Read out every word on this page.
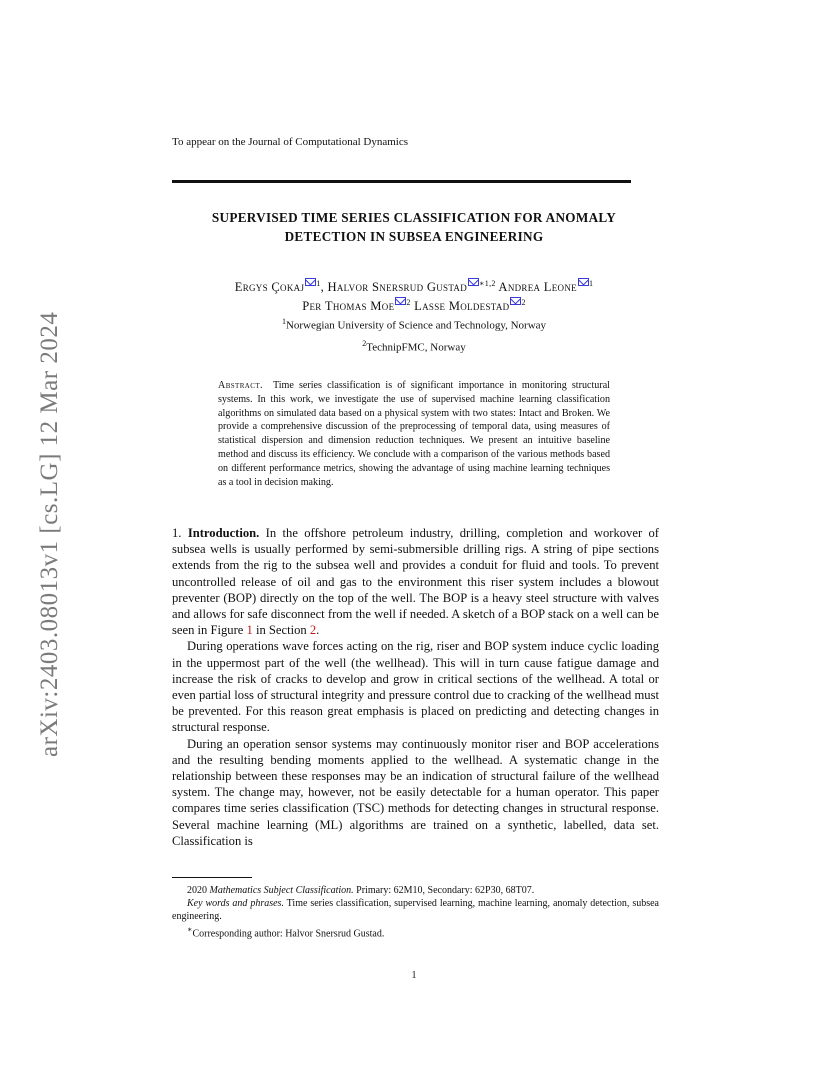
arXiv:2403.08013v1 [cs.LG] 12 Mar 2024
To appear on the Journal of Computational Dynamics
SUPERVISED TIME SERIES CLASSIFICATION FOR ANOMALY
DETECTION IN SUBSEA ENGINEERING
Ergys Çokaj $^1$, Halvor Snersrud Gustad $^{∗1,2}$ Andrea Leone $^1$
Per Thomas Moe $^2$ Lasse Moldestad $^2$
$^1$Norwegian University of Science and Technology, Norway
$^2$TechnipFMC, Norway
Abstract. Time series classification is of significant importance in monitoring structural systems. In this work, we investigate the use of supervised machine learning classification algorithms on simulated data based on a physical system with two states: Intact and Broken. We provide a comprehensive discussion of the preprocessing of temporal data, using measures of statistical dispersion and dimension reduction techniques. We present an intuitive baseline method and discuss its efficiency. We conclude with a comparison of the various methods based on different performance metrics, showing the advantage of using machine learning techniques as a tool in decision making.

1. Introduction. In the offshore petroleum industry, drilling, completion and workover of subsea wells is usually performed by semi-submersible drilling rigs. A string of pipe sections extends from the rig to the subsea well and provides a conduit for fluid and tools. To prevent uncontrolled release of oil and gas to the environment this riser system includes a blowout preventer (BOP) directly on the top of the well. The BOP is a heavy steel structure with valves and allows for safe disconnect from the well if needed. A sketch of a BOP stack on a well can be seen in Figure 1 in Section 2.

During operations wave forces acting on the rig, riser and BOP system induce cyclic loading in the uppermost part of the well (the wellhead). This will in turn cause fatigue damage and increase the risk of cracks to develop and grow in critical sections of the wellhead. A total or even partial loss of structural integrity and pressure control due to cracking of the wellhead must be prevented. For this reason great emphasis is placed on predicting and detecting changes in structural response.

During an operation sensor systems may continuously monitor riser and BOP accelerations and the resulting bending moments applied to the wellhead. A systematic change in the relationship between these responses may be an indication of structural failure of the wellhead system. The change may, however, not be easily detectable for a human operator. This paper compares time series classification (TSC) methods for detecting changes in structural response. Several machine learning (ML) algorithms are trained on a synthetic, labelled, data set. Classification is

2020 Mathematics Subject Classification. Primary: 62M10, Secondary: 62P30, 68T07.

Key words and phrases. Time series classification, supervised learning, machine learning, anomaly detection, subsea engineering.

∗Corresponding author: Halvor Snersrud Gustad.

1
